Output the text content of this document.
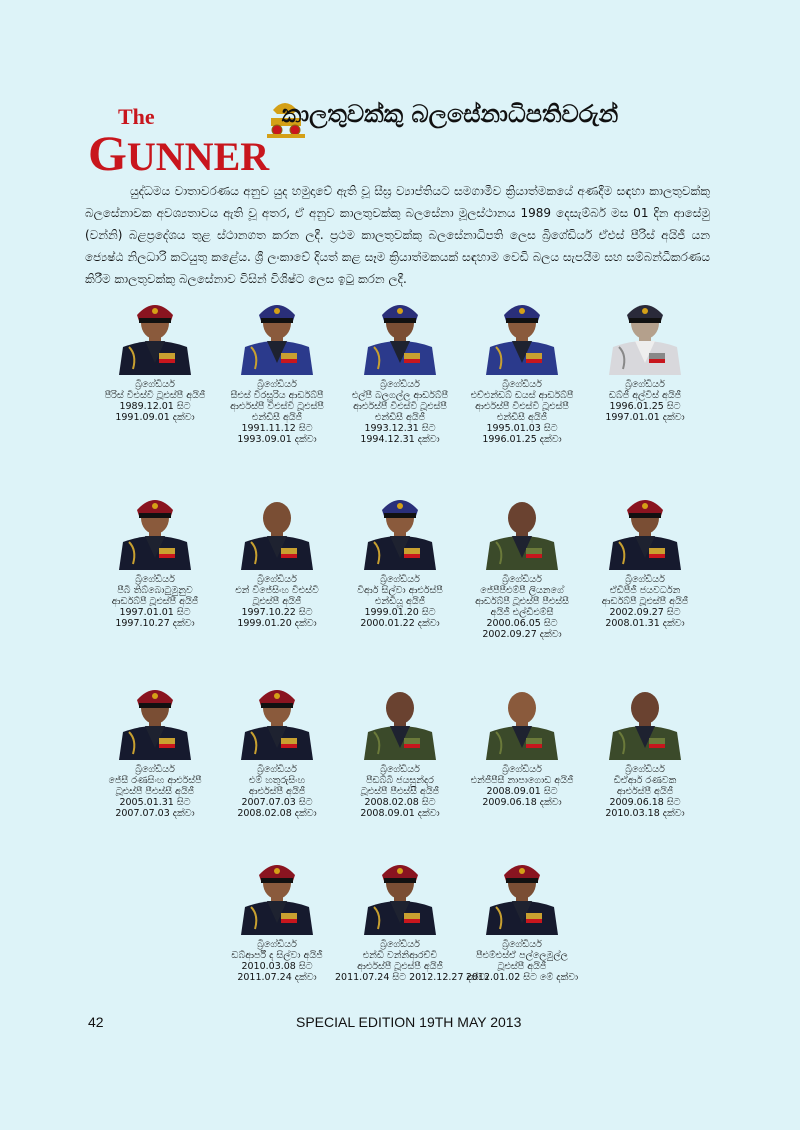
The
GUNNER
කාලතුවක්කු බලසේනාධිපතිවරුන්

යුද්ධමය වාතාවරණය අනුව යුද හමුදාවේ ඇති වූ සීඝ්‍ර ව්‍යාප්තියට සමගාමීව ක්‍රියාත්මකයේ අණදීම සඳහා කාලතුවක්කු බලසේනාවක අවශ්‍යතාවය ඇති වූ අතර, ඒ අනුව කාලතුවක්කු බලසේනා මූලස්ථානය 1989 දෙසැම්බර් මස 01 දින ආසේමු (වන්නි) බළප්‍රදේශය තුළ ස්ථානගත කරන ලදී. ප්‍රථම කාලතුවක්කු බලසේනාධිපති ලෙස බ්‍රිගේඩියර් ඒඑස් පීරිස් අයිජී යන ජ්‍යෙෂ්ඨ නිලධාරි කටයුතු කළේය. ශ්‍රී ලංකාවේ දියත් කළ සෑම ක්‍රියාත්මකයක් සඳහාම වෙඩි බලය සැපයීම සහ සම්බන්ධීකරණය කිරීම කාලතුවක්කු බලසේනාව විසින් විශිෂ්ට ලෙස ඉටු කරන ලදී.

බ්‍රිගේඩියර්
පීරිස් වීඑස්වී ටූඑස්පී අයිජී
1989.12.01 සිට
1991.09.01 දක්වා
බ්‍රිගේඩියර්
සීඑස් වීරසූරිය ආර්ඩබ්පී
ආර්එස්පී වීඑස්වී ටූඑස්පී
එන්ඩීසී අයිජී
1991.11.12 සිට
1993.09.01 දක්වා
බ්‍රිගේඩියර්
එල්පී බලගල්ල ආර්ඩබ්පී
ආර්එස්පී වීඑස්වී ටූඑස්පී
එන්ඩීසී අයිජී
1993.12.31 සිට
1994.12.31 දක්වා
බ්‍රිගේඩියර්
එච්එන්ඩබ් ඩයස් ආර්ඩබ්පී
ආර්එස්පී වීඑස්වී ටූඑස්පී
එන්ඩීසී අයිජී
1995.01.03 සිට
1996.01.25 දක්වා
බ්‍රිගේඩියර්
ඩබ්ජී අල්විස් අයිජී
1996.01.25 සිට
1997.01.01 දක්වා
බ්‍රිගේඩියර්
පීබී තිබ්බොටුමුනුව
ආර්ඩබ්පී ටූඑස්පී අයිජී
1997.01.01 සිට
1997.10.27 දක්වා
බ්‍රිගේඩියර්
එන් විජේසිංහ වීඑස්වී
ටූඑස්පී අයිජී
1997.10.22 සිට
1999.01.20 දක්වා
බ්‍රිගේඩියර්
වීආර් සිල්වා ආර්එස්පී
එන්ඩීයූ අයිජී
1999.01.20 සිට
2000.01.22 දක්වා
බ්‍රිගේඩියර්
ජේපීපීඑම්පී ලියනගේ
ආර්ඩබ්පී ටූඑස්පී පීඑස්සී
අයිජී එල්ඩීඑම්සී
2000.06.05 සිට
2002.09.27 දක්වා
බ්‍රිගේඩියර්
ඒඩීපීජී ජයවර්ධන
ආර්ඩබ්පී ටූඑස්පී අයිජී
2002.09.27 සිට
2008.01.31 දක්වා
බ්‍රිගේඩියර්
ජේසී රණසිංහ ආර්එස්පී
ටූඑස්පී පීඑස්සී අයිජී
2005.01.31 සිට
2007.07.03 දක්වා
බ්‍රිගේඩියර්
එම් හතුරුසිංහ
ආර්එස්පී අයිජී
2007.07.03 සිට
2008.02.08 දක්වා
බ්‍රිගේඩියර්
පීඩබ්බී ජයසුන්දර
ටූඑස්පී පීඑස්සී අයිජී
2008.02.08 සිට
2008.09.01 දක්වා
බ්‍රිගේඩියර්
එන්ජීපීසී නාපාගොඩ අයිජී
2008.09.01 සිට
2009.06.18 දක්වා
බ්‍රිගේඩියර්
ඩීඒආර් රණවක
ආර්එස්පී අයිජී
2009.06.18 සිට
2010.03.18 දක්වා
බ්‍රිගේඩියර්
ඩබ්ආර්පී ද සිල්වා අයිජී
2010.03.08 සිට
2011.07.24 දක්වා
බ්‍රිගේඩියර්
එන්ඩී වන්නිආරච්චි
ආර්එස්පී ටූඑස්පී අයිජී
2011.07.24 සිට 2012.12.27 දක්වා
බ්‍රිගේඩියර්
පීඑම්එස්ඒ පල්ලෙමුල්ල
ටූඑස්පී අයිජී
2012.01.02 සිට මේ දක්වා
42	SPECIAL EDITION 19TH MAY 2013
